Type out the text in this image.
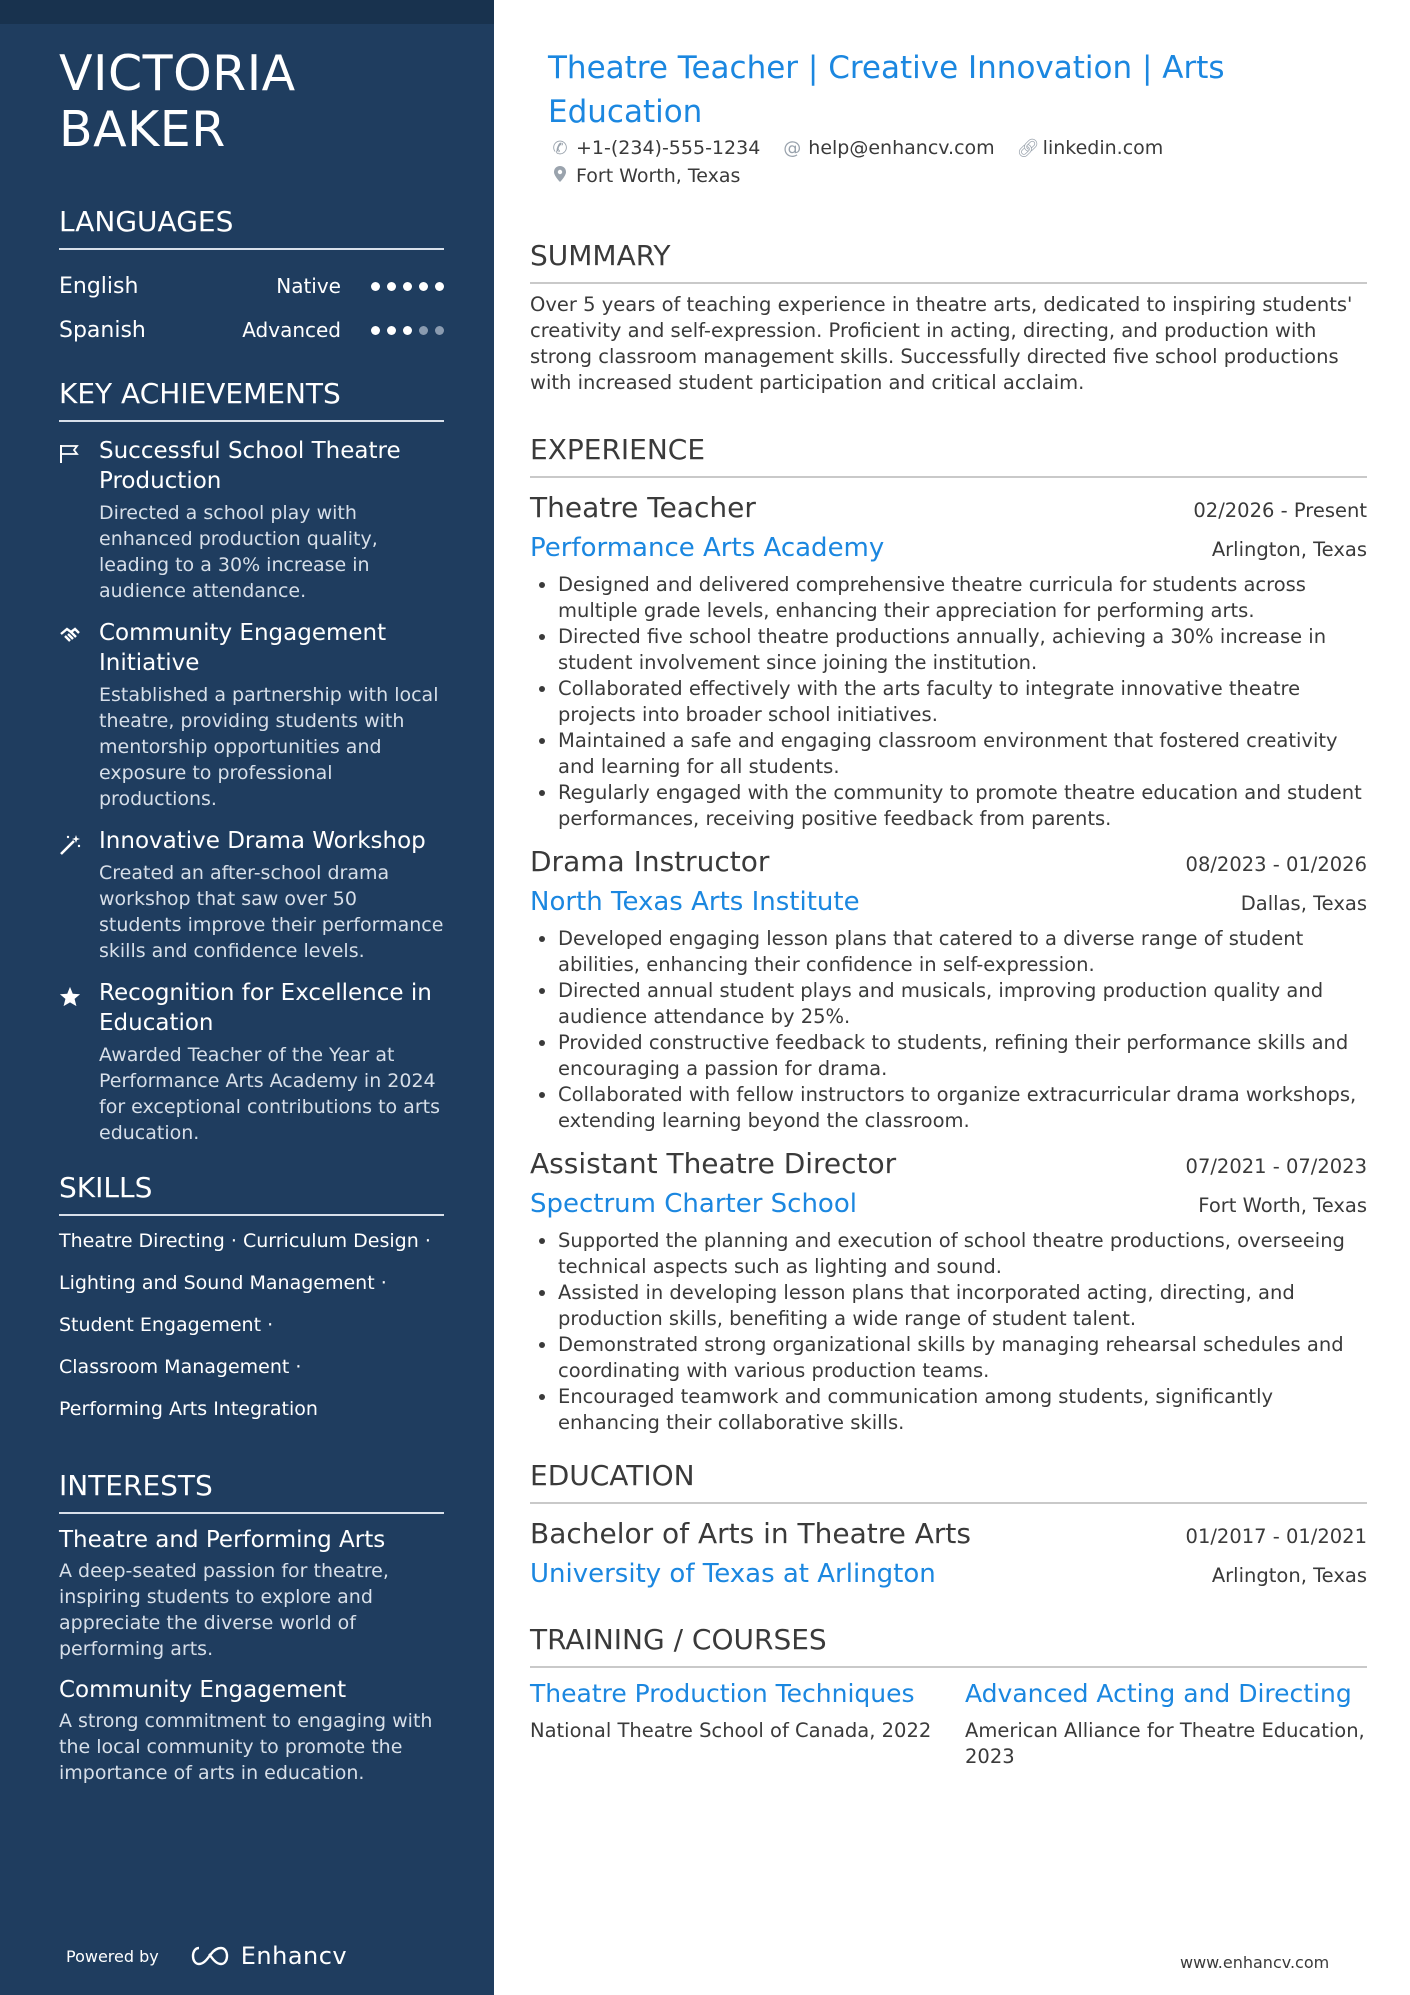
VICTORIA
BAKER
LANGUAGES
English	Native
Spanish	Advanced
KEY ACHIEVEMENTS
Successful School Theatre Production
Directed a school play with enhanced production quality, leading to a 30% increase in audience attendance.
Community Engagement Initiative
Established a partnership with local theatre, providing students with mentorship opportunities and exposure to professional productions.
Innovative Drama Workshop
Created an after-school drama workshop that saw over 50 students improve their performance skills and confidence levels.
Recognition for Excellence in Education
Awarded Teacher of the Year at Performance Arts Academy in 2024 for exceptional contributions to arts education.
SKILLS
Theatre Directing · Curriculum Design ·
Lighting and Sound Management ·
Student Engagement ·
Classroom Management ·
Performing Arts Integration
INTERESTS
Theatre and Performing Arts
A deep-seated passion for theatre, inspiring students to explore and appreciate the diverse world of performing arts.
Community Engagement
A strong commitment to engaging with the local community to promote the importance of arts in education.
Powered by	Enhancv
Theatre Teacher | Creative Innovation | Arts Education
✆ +1-(234)-555-1234 @ help@enhancv.com 🔗︎ linkedin.com
Fort Worth, Texas
SUMMARY
Over 5 years of teaching experience in theatre arts, dedicated to inspiring students' creativity and self-expression. Proficient in acting, directing, and production with strong classroom management skills. Successfully directed five school productions with increased student participation and critical acclaim.
EXPERIENCE
Theatre Teacher	02/2026 - Present
Performance Arts Academy	Arlington, Texas
• Designed and delivered comprehensive theatre curricula for students across multiple grade levels, enhancing their appreciation for performing arts.
• Directed five school theatre productions annually, achieving a 30% increase in student involvement since joining the institution.
• Collaborated effectively with the arts faculty to integrate innovative theatre projects into broader school initiatives.
• Maintained a safe and engaging classroom environment that fostered creativity and learning for all students.
• Regularly engaged with the community to promote theatre education and student performances, receiving positive feedback from parents.
Drama Instructor	08/2023 - 01/2026
North Texas Arts Institute	Dallas, Texas
• Developed engaging lesson plans that catered to a diverse range of student abilities, enhancing their confidence in self-expression.
• Directed annual student plays and musicals, improving production quality and audience attendance by 25%.
• Provided constructive feedback to students, refining their performance skills and encouraging a passion for drama.
• Collaborated with fellow instructors to organize extracurricular drama workshops, extending learning beyond the classroom.
Assistant Theatre Director	07/2021 - 07/2023
Spectrum Charter School	Fort Worth, Texas
• Supported the planning and execution of school theatre productions, overseeing technical aspects such as lighting and sound.
• Assisted in developing lesson plans that incorporated acting, directing, and production skills, benefiting a wide range of student talent.
• Demonstrated strong organizational skills by managing rehearsal schedules and coordinating with various production teams.
• Encouraged teamwork and communication among students, significantly enhancing their collaborative skills.
EDUCATION
Bachelor of Arts in Theatre Arts	01/2017 - 01/2021
University of Texas at Arlington	Arlington, Texas
TRAINING / COURSES
Theatre Production Techniques
National Theatre School of Canada, 2022
Advanced Acting and Directing
American Alliance for Theatre Education, 2023
www.enhancv.com
